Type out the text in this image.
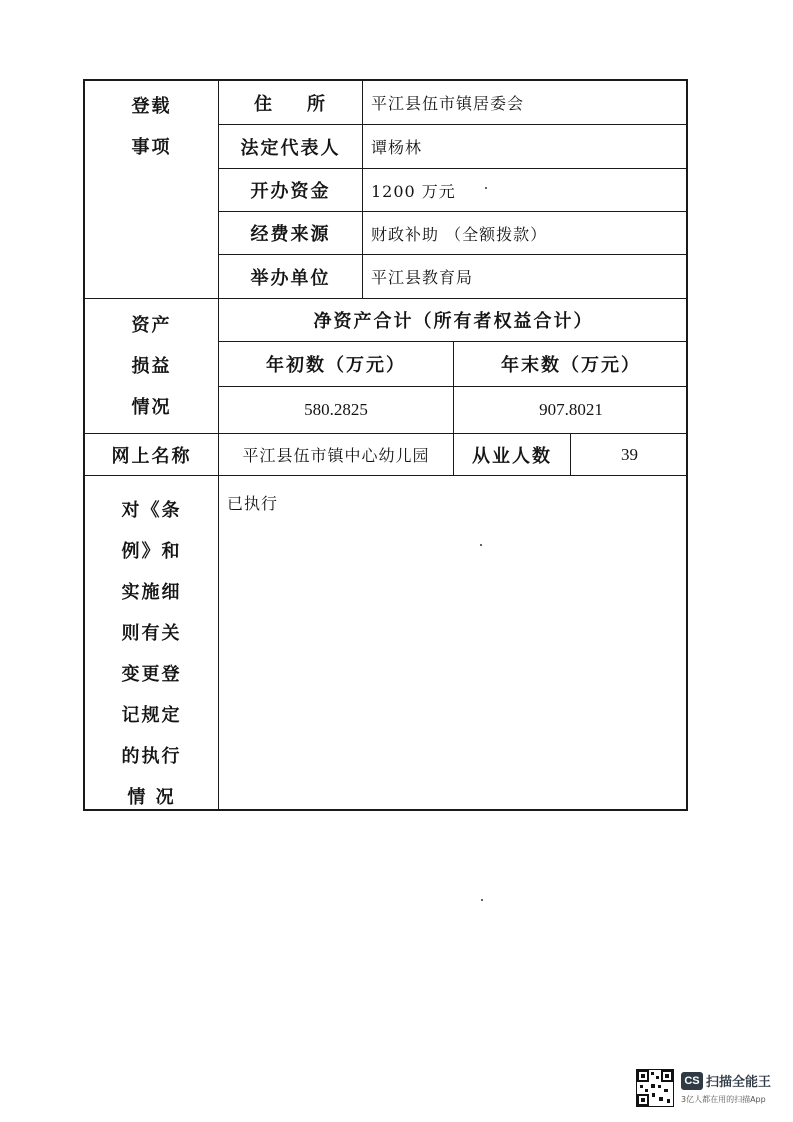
登载
事项
住    所	平江县伍市镇居委会
法定代表人	谭杨林
开办资金	1200 万元
经费来源	财政补助 （全额拨款）
举办单位	平江县教育局
资产
损益
情况
净资产合计（所有者权益合计）
年初数（万元）	年末数（万元）
580.2825	907.8021
网上名称	平江县伍市镇中心幼儿园	从业人数	39
对《条
例》和
实施细
则有关
变更登
记规定
的执行
情 况
已执行
CS 扫描全能王
3亿人都在用的扫描App
